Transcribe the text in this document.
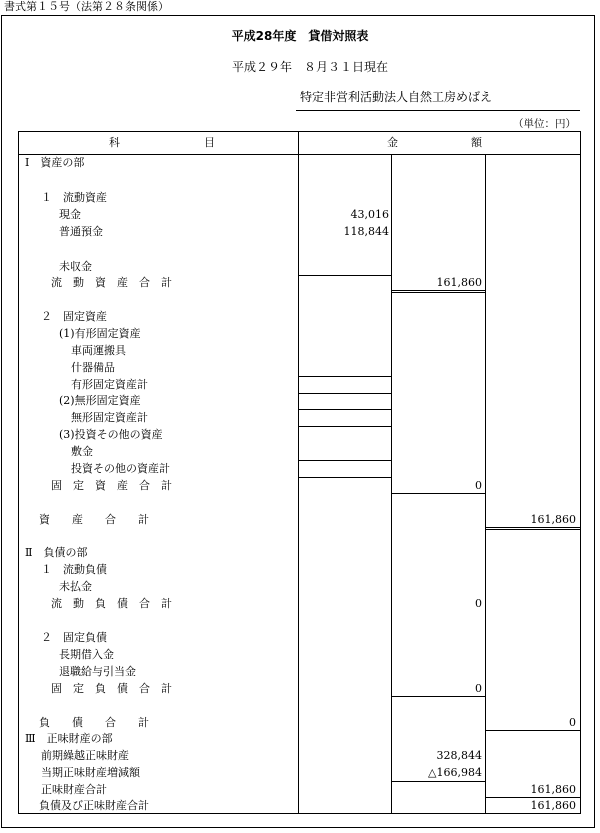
書式第１５号（法第２８条関係）
平成28年度　貸借対照表
平成２９年　８月３１日現在
特定非営利活動法人自然工房めばえ
（単位：円）
科	目	金	額
Ⅰ　資産の部
１　流動資産
現金	43,016
普通預金	118,844
未収金
流　動　資　産　合　計	161,860
２　固定資産
(1)有形固定資産
車両運搬具
什器備品
有形固定資産計
(2)無形固定資産
無形固定資産計
(3)投資その他の資産
敷金
投資その他の資産計
固　定　資　産　合　計	0
資　　産　　合　　計	161,860
Ⅱ　負債の部
１　流動負債
未払金
流　動　負　債　合　計	0
２　固定負債
長期借入金
退職給与引当金
固　定　負　債　合　計	0
負　　債　　合　　計	0
Ⅲ　正味財産の部
前期繰越正味財産	328,844
当期正味財産増減額	△166,984
正味財産合計	161,860
負債及び正味財産合計	161,860
